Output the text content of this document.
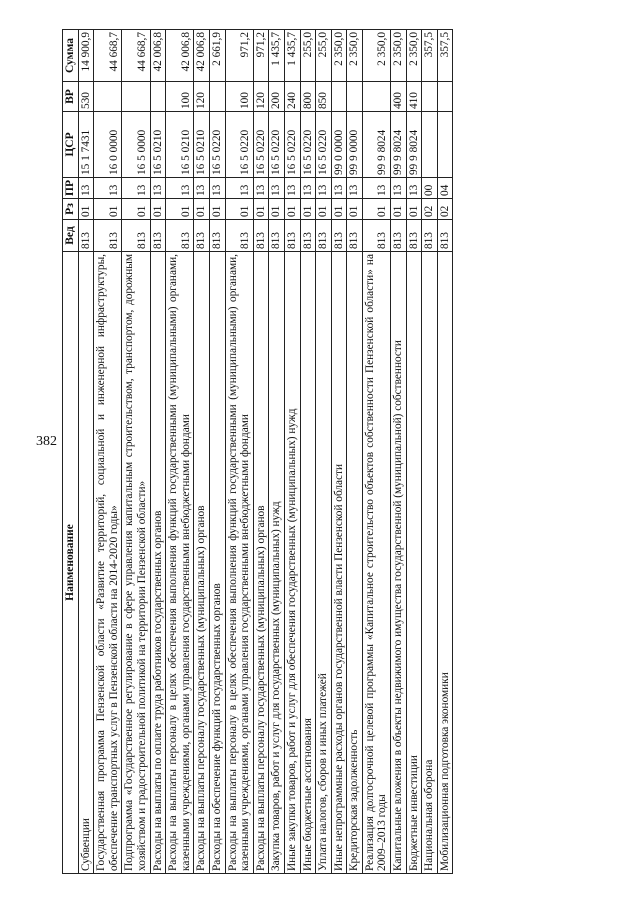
382
Наименование	Вед	Рз	ПР	ЦСР	ВР	Сумма
Субвенции	813	01	13	15 1 7431	530	14 900,9
Государственная программа Пензенской области «Развитие территорий, социальной и инженерной инфраструктуры, обеспечение транспортных услуг в Пензенской области на 2014-2020 годы»	813	01	13	16 0 0000		44 668,7
Подпрограмма «Государственное регулирование в сфере управления капитальным строительством, транспортом, дорожным хозяйством и градостроительной политикой на территории Пензенской области»	813	01	13	16 5 0000		44 668,7
Расходы на выплаты по оплате труда работников государственных органов	813	01	13	16 5 0210		42 006,8
Расходы на выплаты персоналу в целях обеспечения выполнения функций государственными (муниципальными) органами, казенными учреждениями, органами управления государственными внебюджетными фондами	813	01	13	16 5 0210	100	42 006,8
Расходы на выплаты персоналу государственных (муниципальных) органов	813	01	13	16 5 0210	120	42 006,8
Расходы на обеспечение функций государственных органов	813	01	13	16 5 0220		2 661,9
Расходы на выплаты персоналу в целях обеспечения выполнения функций государственными (муниципальными) органами, казенными учреждениями, органами управления государственными внебюджетными фондами	813	01	13	16 5 0220	100	971,2
Расходы на выплаты персоналу государственных (муниципальных) органов	813	01	13	16 5 0220	120	971,2
Закупка товаров, работ и услуг для государственных (муниципальных) нужд	813	01	13	16 5 0220	200	1 435,7
Иные закупки товаров, работ и услуг для обеспечения государственных (муниципальных) нужд	813	01	13	16 5 0220	240	1 435,7
Иные бюджетные ассигнования	813	01	13	16 5 0220	800	255,0
Уплата налогов, сборов и иных платежей	813	01	13	16 5 0220	850	255,0
Иные непрограммные расходы органов государственной власти Пензенской области	813	01	13	99 0 0000		2 350,0
Кредиторская задолженность	813	01	13	99 9 0000		2 350,0
Реализация долгосрочной целевой программы «Капитальное строительство объектов собственности Пензенской области» на 2009–2013 годы	813	01	13	99 9 8024		2 350,0
Капитальные вложения в объекты недвижимого имущества государственной (муниципальной) собственности	813	01	13	99 9 8024	400	2 350,0
Бюджетные инвестиции	813	01	13	99 9 8024	410	2 350,0
Национальная оборона	813	02	00			357,5
Мобилизационная подготовка экономики	813	02	04			357,5
